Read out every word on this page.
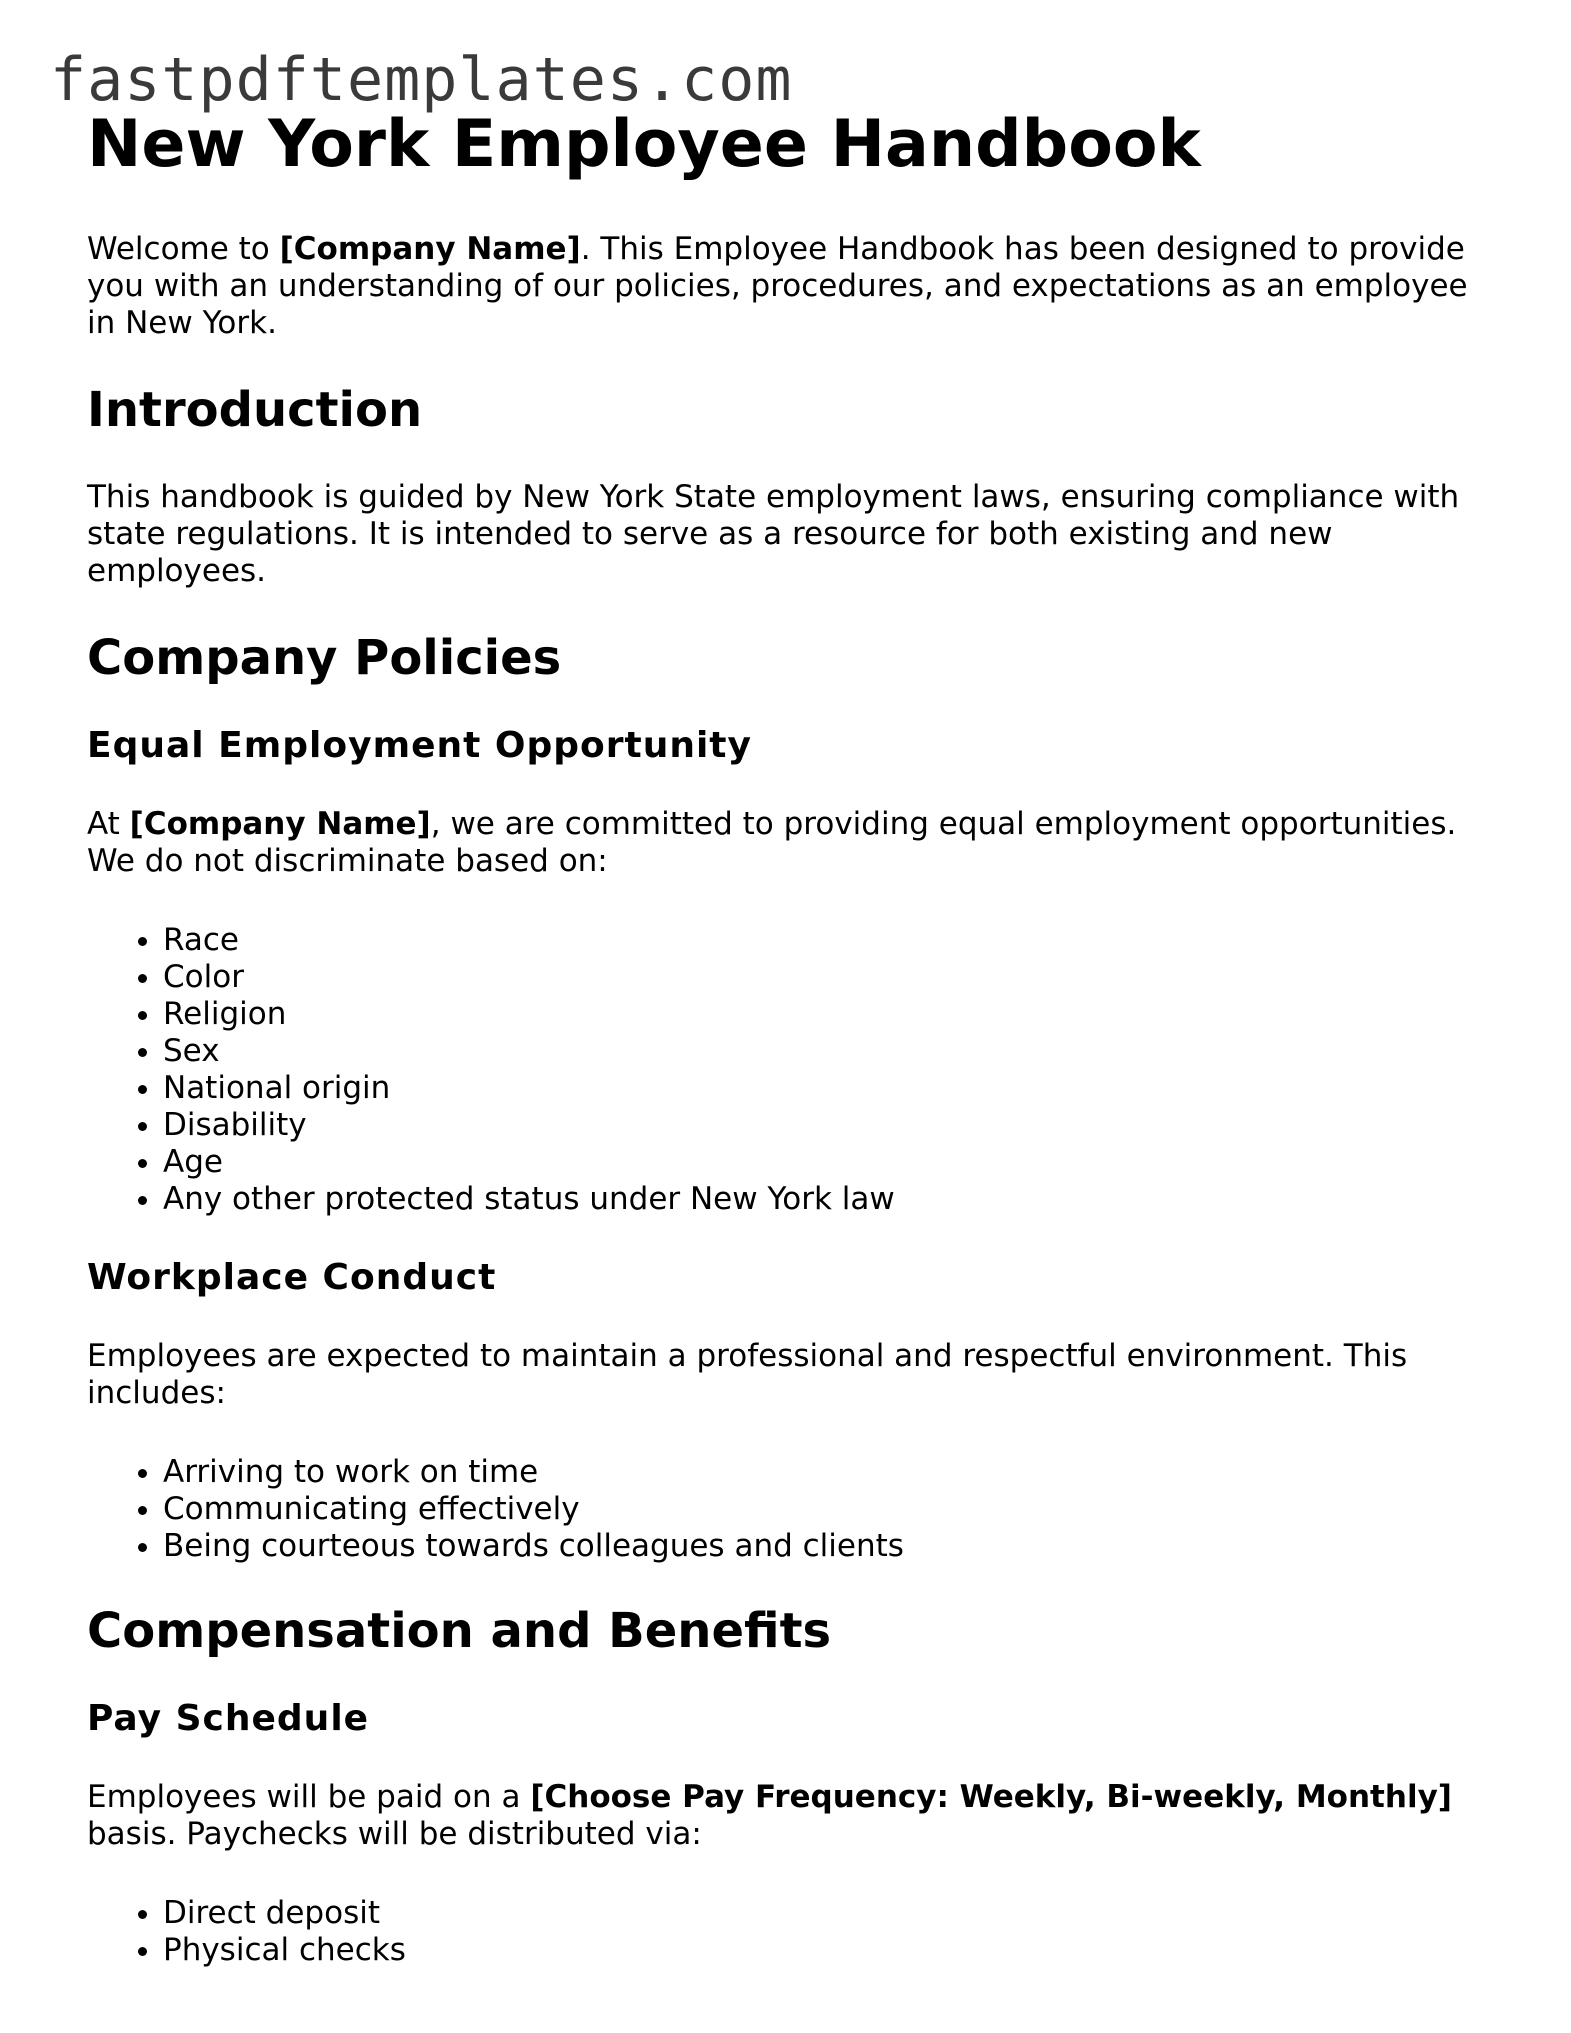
fastpdftemplates.com
New York Employee Handbook

Welcome to [Company Name]. This Employee Handbook has been designed to provide you with an understanding of our policies, procedures, and expectations as an employee in New York.

Introduction

This handbook is guided by New York State employment laws, ensuring compliance with state regulations. It is intended to serve as a resource for both existing and new employees.

Company Policies
Equal Employment Opportunity

At [Company Name], we are committed to providing equal employment opportunities. We do not discriminate based on:

• Race
• Color
• Religion
• Sex
• National origin
• Disability
• Age
• Any other protected status under New York law
Workplace Conduct

Employees are expected to maintain a professional and respectful environment. This includes:

• Arriving to work on time
• Communicating effectively
• Being courteous towards colleagues and clients
Compensation and Benefits
Pay Schedule

Employees will be paid on a [Choose Pay Frequency: Weekly, Bi-weekly, Monthly] basis. Paychecks will be distributed via:

• Direct deposit
• Physical checks
